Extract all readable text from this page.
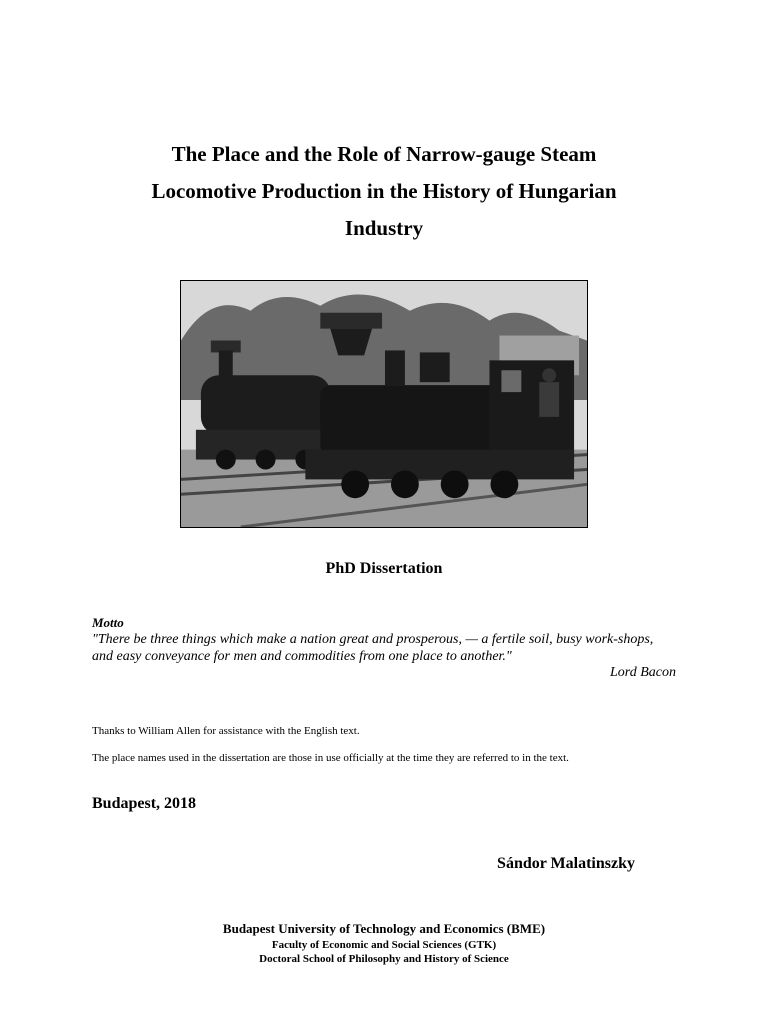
The Place and the Role of Narrow-gauge Steam
Locomotive Production in the History of Hungarian
Industry
PhD Dissertation
Motto
"There be three things which make a nation great and prosperous, — a fertile soil, busy work-shops, and easy conveyance for men and commodities from one place to another."
Lord Bacon
Thanks to William Allen for assistance with the English text.
The place names used in the dissertation are those in use officially at the time they are referred to in the text.
Budapest, 2018
Sándor Malatinszky
Budapest University of Technology and Economics (BME)
Faculty of Economic and Social Sciences (GTK)
Doctoral School of Philosophy and History of Science
